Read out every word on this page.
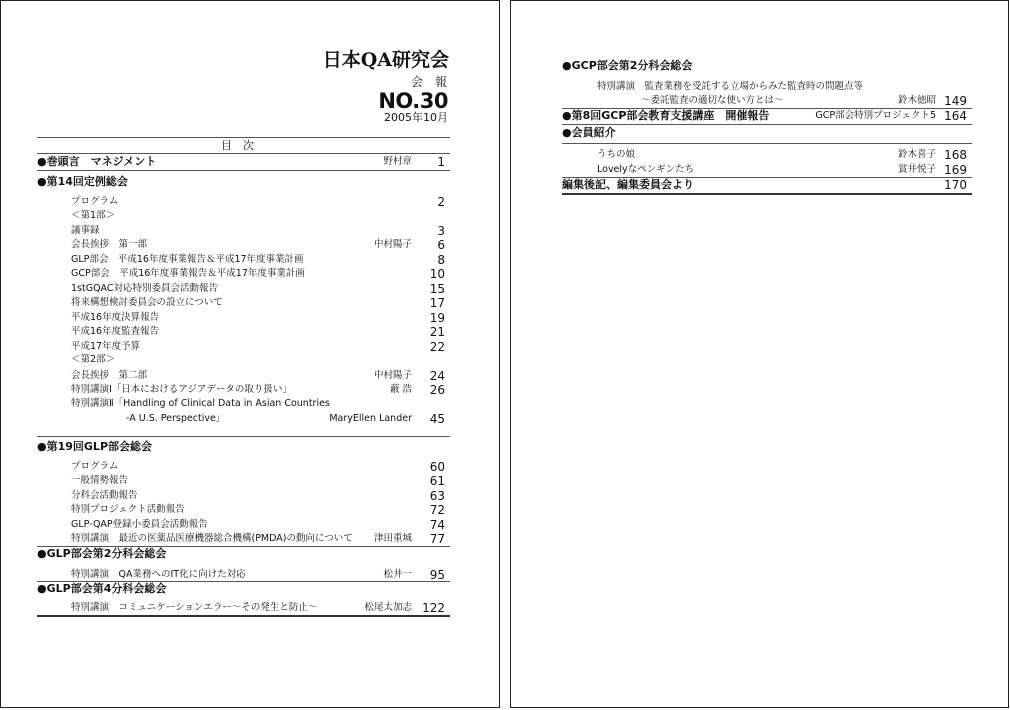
日本QA研究会
会　報
NO.30
2005年10月
目　次
●巻頭言　マネジメント	野村章 1
●第14回定例総会
プログラム	2
＜第1部＞
議事録	3
会長挨拶　第一部	中村陽子 6
GLP部会　平成16年度事業報告＆平成17年度事業計画	8
GCP部会　平成16年度事業報告＆平成17年度事業計画	10
1stGQAC対応特別委員会活動報告	15
将来構想検討委員会の設立について	17
平成16年度決算報告	19
平成16年度監査報告	21
平成17年度予算	22
＜第2部＞
会長挨拶　第二部	中村陽子 24
特別講演Ⅰ「日本におけるアジアデータの取り扱い」	蔽 浩 26
特別講演Ⅱ「Handling of Clinical Data in Asian Countries
-A U.S. Perspective」	MaryEllen Lander 45
●第19回GLP部会総会
プログラム	60
一般情勢報告	61
分科会活動報告	63
特別プロジェクト活動報告	72
GLP-QAP登録小委員会活動報告	74
特別講演　最近の医薬品医療機器総合機構(PMDA)の動向について 津田重城 77
●GLP部会第2分科会総会
特別講演　QA業務へのIT化に向けた対応	松井一 95
●GLP部会第4分科会総会
特別講演　コミュニケーションエラー～その発生と防止～	松尾太加志 122
●GCP部会第2分科会総会
特別講演　監査業務を受託する立場からみた監査時の問題点等
～委託監査の適切な使い方とは～	鈴木徳昭 149
●第8回GCP部会教育支援講座　開催報告	GCP部会特別プロジェクト5 164
●会員紹介
うちの娘	鈴木喜子 168
Lovelyなペンギンたち	賞井悦子 169
編集後記、編集委員会より	170
